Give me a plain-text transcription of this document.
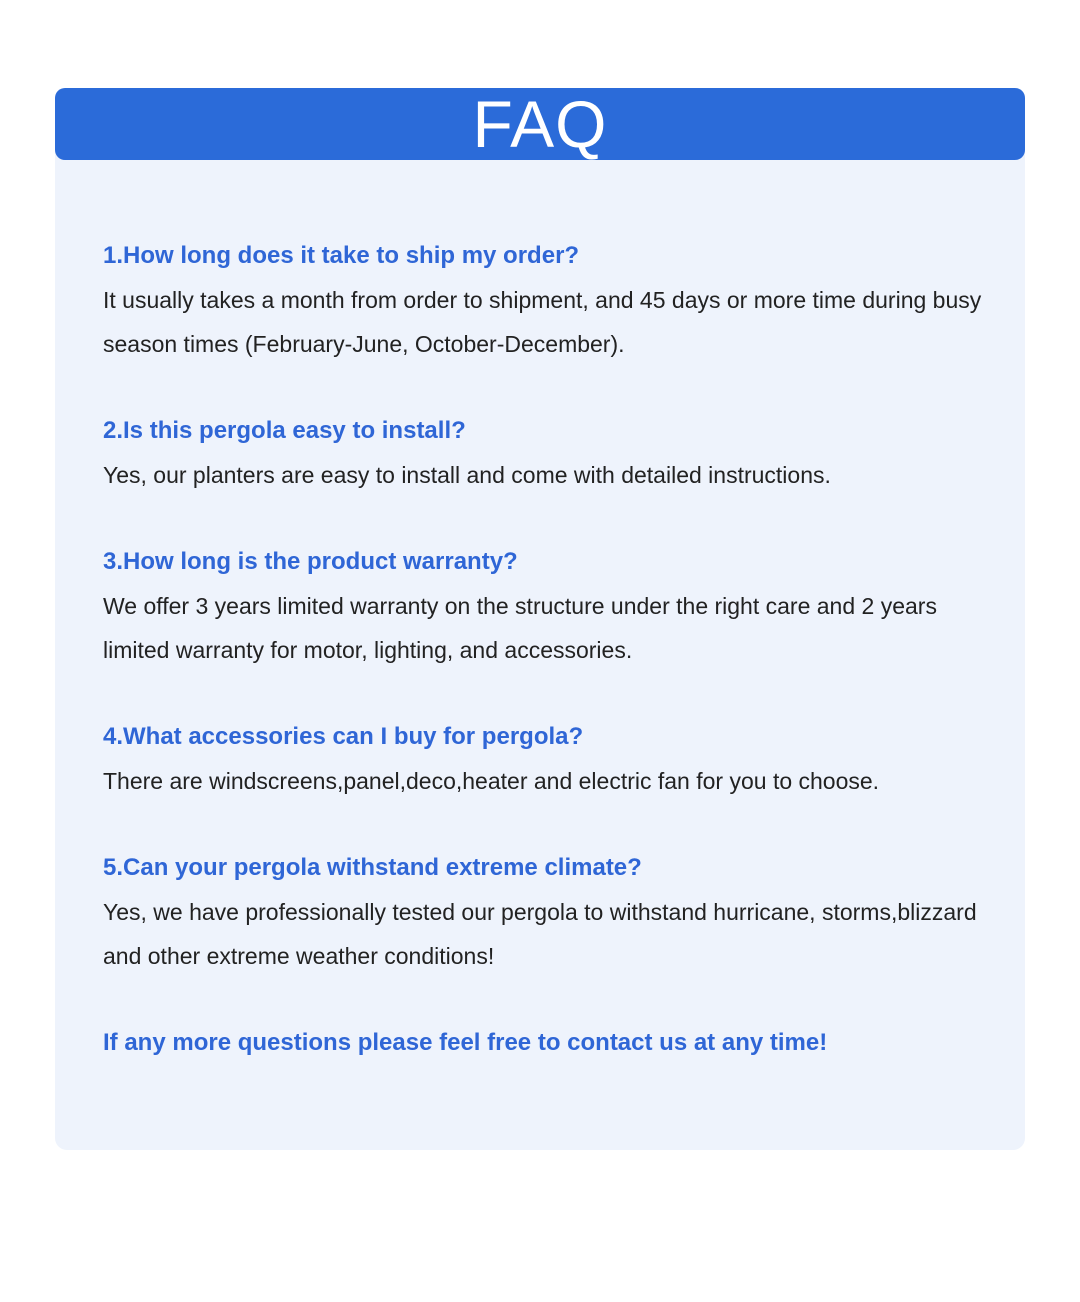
FAQ

1.How long does it take to ship my order?

It usually takes a month from order to shipment, and 45 days or more time during busy season times (February-June, October-December).

2.Is this pergola easy to install?

Yes, our planters are easy to install and come with detailed instructions.

3.How long is the product warranty?

We offer 3 years limited warranty on the structure under the right care and 2 years limited warranty for motor, lighting, and accessories.

4.What accessories can I buy for pergola?

There are windscreens,panel,deco,heater and electric fan for you to choose.

5.Can your pergola withstand extreme climate?

Yes, we have professionally tested our pergola to withstand hurricane, storms,blizzard and other extreme weather conditions!

If any more questions please feel free to contact us at any time!
